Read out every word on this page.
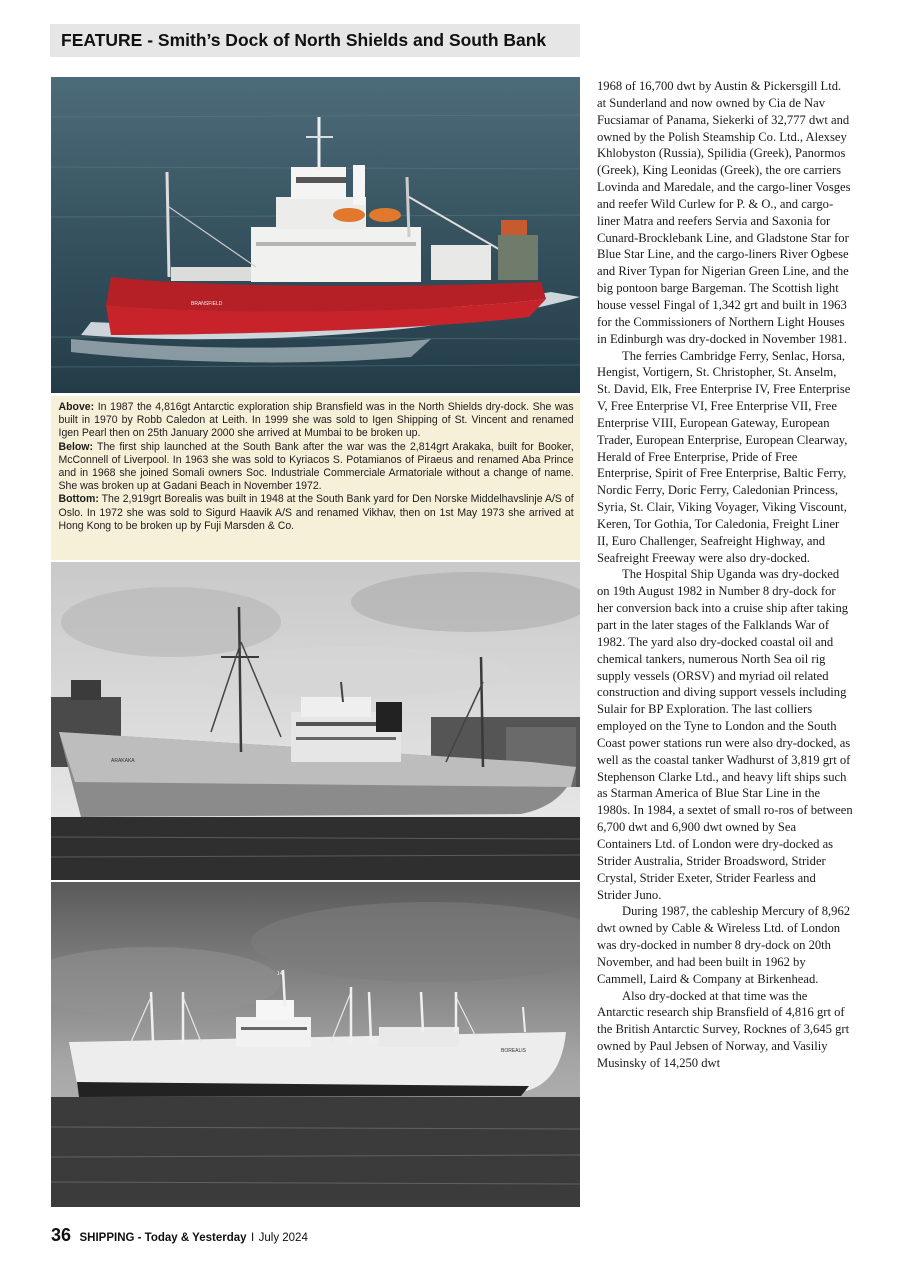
FEATURE - Smith’s Dock of North Shields and South Bank
BRANSFIELD

Above: In 1987 the 4,816gt Antarctic exploration ship Bransfield was in the North Shields dry-dock. She was built in 1970 by Robb Caledon at Leith. In 1999 she was sold to Igen Shipping of St. Vincent and renamed Igen Pearl then on 25th January 2000 she arrived at Mumbai to be broken up.

Below: The first ship launched at the South Bank after the war was the 2,814grt Arakaka, built for Booker, McConnell of Liverpool. In 1963 she was sold to Kyriacos S. Potamianos of Piraeus and renamed Aba Prince and in 1968 she joined Somali owners Soc. Industriale Commerciale Armatoriale without a change of name. She was broken up at Gadani Beach in November 1972.

Bottom: The 2,919grt Borealis was built in 1948 at the South Bank yard for Den Norske Middelhavslinje A/S of Oslo. In 1972 she was sold to Sigurd Haavik A/S and renamed Vikhav, then on 1st May 1973 she arrived at Hong Kong to be broken up by Fuji Marsden & Co.

ARAKAKA
BOREALIS
14

1968 of 16,700 dwt by Austin & Pickersgill Ltd. at Sunderland and now owned by Cia de Nav Fucsiamar of Panama, Siekerki of 32,777 dwt and owned by the Polish Steamship Co. Ltd., Alexsey Khlobyston (Russia), Spilidia (Greek), Panormos (Greek), King Leonidas (Greek), the ore carriers Lovinda and Maredale, and the cargo-liner Vosges and reefer Wild Curlew for P. & O., and cargo-liner Matra and reefers Servia and Saxonia for Cunard-Brocklebank Line, and Gladstone Star for Blue Star Line, and the cargo-liners River Ogbese and River Typan for Nigerian Green Line, and the big pontoon barge Bargeman. The Scottish light house vessel Fingal of 1,342 grt and built in 1963 for the Commissioners of Northern Light Houses in Edinburgh was dry-docked in November 1981.

The ferries Cambridge Ferry, Senlac, Horsa, Hengist, Vortigern, St. Christopher, St. Anselm, St. David, Elk, Free Enterprise IV, Free Enterprise V, Free Enterprise VI, Free Enterprise VII, Free Enterprise VIII, European Gateway, European Trader, European Enterprise, European Clearway, Herald of Free Enterprise, Pride of Free Enterprise, Spirit of Free Enterprise, Baltic Ferry, Nordic Ferry, Doric Ferry, Caledonian Princess, Syria, St. Clair, Viking Voyager, Viking Viscount, Keren, Tor Gothia, Tor Caledonia, Freight Liner II, Euro Challenger, Seafreight Highway, and Seafreight Freeway were also dry-docked.

The Hospital Ship Uganda was dry-docked on 19th August 1982 in Number 8 dry-dock for her conversion back into a cruise ship after taking part in the later stages of the Falklands War of 1982. The yard also dry-docked coastal oil and chemical tankers, numerous North Sea oil rig supply vessels (ORSV) and myriad oil related construction and diving support vessels including Sulair for BP Exploration. The last colliers employed on the Tyne to London and the South Coast power stations run were also dry-docked, as well as the coastal tanker Wadhurst of 3,819 grt of Stephenson Clarke Ltd., and heavy lift ships such as Starman America of Blue Star Line in the 1980s. In 1984, a sextet of small ro-ros of between 6,700 dwt and 6,900 dwt owned by Sea Containers Ltd. of London were dry-docked as Strider Australia, Strider Broadsword, Strider Crystal, Strider Exeter, Strider Fearless and Strider Juno.

During 1987, the cableship Mercury of 8,962 dwt owned by Cable & Wireless Ltd. of London was dry-docked in number 8 dry-dock on 20th November, and had been built in 1962 by Cammell, Laird & Company at Birkenhead.

Also dry-docked at that time was the Antarctic research ship Bransfield of 4,816 grt of the British Antarctic Survey, Rocknes of 3,645 grt owned by Paul Jebsen of Norway, and Vasiliy Musinsky of 14,250 dwt

36 SHIPPING - Today & Yesterday I July 2024
